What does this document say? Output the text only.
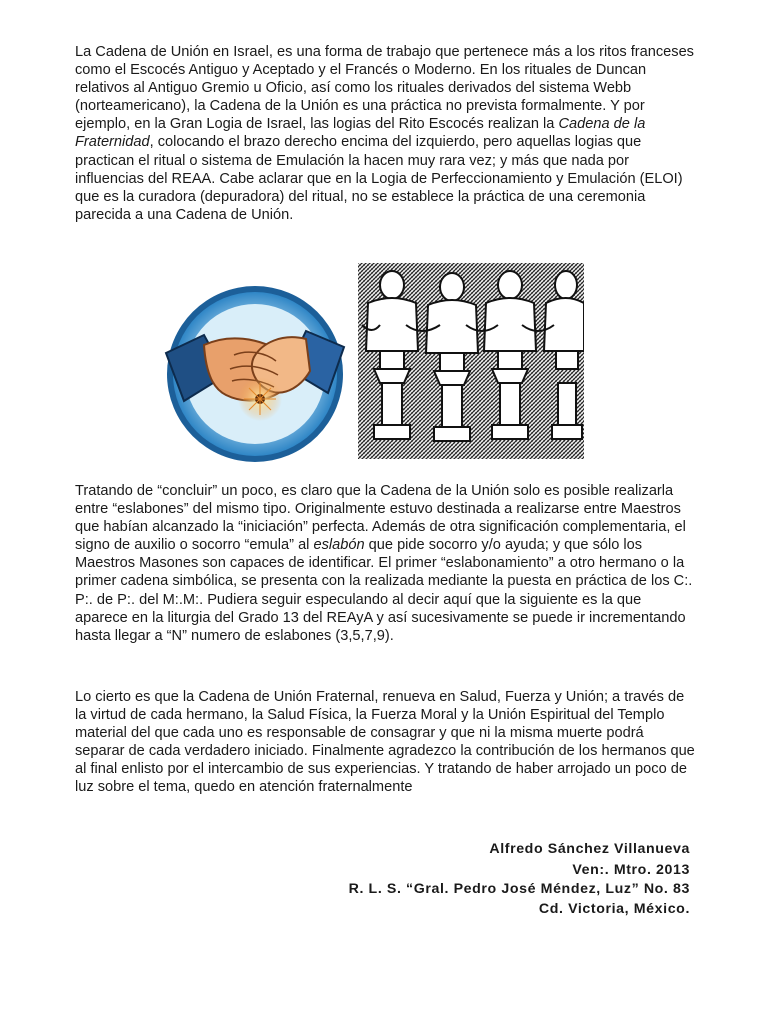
La Cadena de Unión en Israel, es una forma de trabajo que pertenece más a los ritos franceses como el Escocés Antiguo y Aceptado y el Francés o Moderno. En los rituales de Duncan relativos al Antiguo Gremio u Oficio, así como los rituales derivados del sistema Webb (norteamericano), la Cadena de la Unión es una práctica no prevista formalmente. Y por ejemplo, en la Gran Logia de Israel, las logias del Rito Escocés realizan la Cadena de la Fraternidad, colocando el brazo derecho encima del izquierdo, pero aquellas logias que practican el ritual o sistema de Emulación la hacen muy rara vez; y más que nada por influencias del REAA. Cabe aclarar que en la Logia de Perfeccionamiento y Emulación (ELOI) que es la curadora (depuradora) del ritual, no se establece la práctica de una ceremonia parecida a una Cadena de Unión.

Tratando de “concluir” un poco, es claro que la Cadena de la Unión solo es posible realizarla entre “eslabones” del mismo tipo. Originalmente estuvo destinada a realizarse entre Maestros que habían alcanzado la “iniciación” perfecta. Además de otra significación complementaria, el signo de auxilio o socorro “emula” al eslabón que pide socorro y/o ayuda; y que sólo los Maestros Masones son capaces de identificar. El primer “eslabonamiento” a otro hermano o la primer cadena simbólica, se presenta con la realizada mediante la puesta en práctica de los C:. P:. de P:. del M:.M:. Pudiera seguir especulando al decir aquí que la siguiente es la que aparece en la liturgia del Grado 13 del REAyA y así sucesivamente se puede ir incrementando hasta llegar a “N” numero de eslabones (3,5,7,9).

Lo cierto es que la Cadena de Unión Fraternal, renueva en Salud, Fuerza y Unión; a través de la virtud de cada hermano, la Salud Física, la Fuerza Moral y la Unión Espiritual del Templo material del que cada uno es responsable de consagrar y que ni la misma muerte podrá separar de cada verdadero iniciado. Finalmente agradezco la contribución de los hermanos que al final enlisto por el intercambio de sus experiencias. Y tratando de haber arrojado un poco de luz sobre el tema, quedo en atención fraternalmente

Alfredo Sánchez Villanueva
Ven:. Mtro. 2013
R. L. S. “Gral. Pedro José Méndez, Luz” No. 83
Cd. Victoria, México.
